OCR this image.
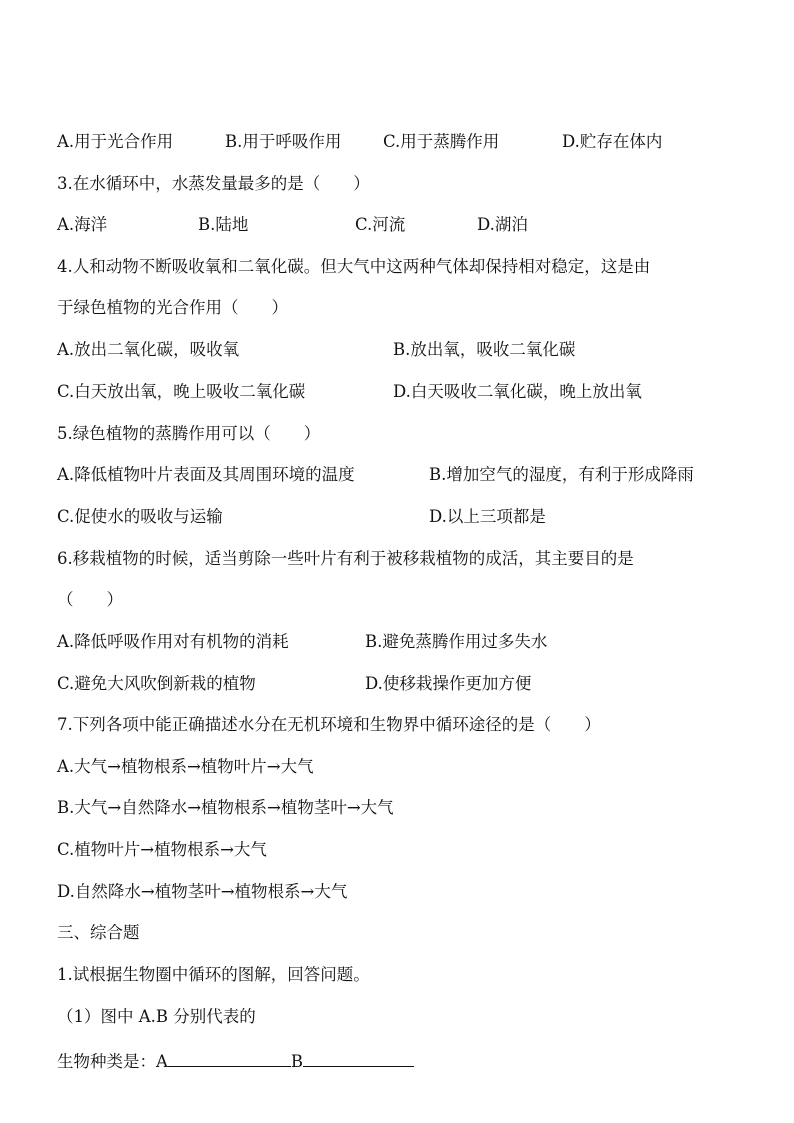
A.用于光合作用	B.用于呼吸作用	C.用于蒸腾作用	D.贮存在体内
3.在水循环中，水蒸发量最多的是（　　）
A.海洋	B.陆地	C.河流	D.湖泊
4.人和动物不断吸收氧和二氧化碳。但大气中这两种气体却保持相对稳定，这是由
于绿色植物的光合作用（　　）
A.放出二氧化碳，吸收氧	B.放出氧，吸收二氧化碳
C.白天放出氧，晚上吸收二氧化碳	D.白天吸收二氧化碳，晚上放出氧
5.绿色植物的蒸腾作用可以（　　）
A.降低植物叶片表面及其周围环境的温度	B.增加空气的湿度，有利于形成降雨
C.促使水的吸收与运输	D.以上三项都是
6.移栽植物的时候，适当剪除一些叶片有利于被移栽植物的成活，其主要目的是
（　　）
A.降低呼吸作用对有机物的消耗	B.避免蒸腾作用过多失水
C.避免大风吹倒新栽的植物	D.使移栽操作更加方便
7.下列各项中能正确描述水分在无机环境和生物界中循环途径的是（　　）
A.大气→植物根系→植物叶片→大气
B.大气→自然降水→植物根系→植物茎叶→大气
C.植物叶片→植物根系→大气
D.自然降水→植物茎叶→植物根系→大气
三、综合题
1.试根据生物圈中循环的图解，回答问题。
（1）图中 A.B 分别代表的
生物种类是：A	B
